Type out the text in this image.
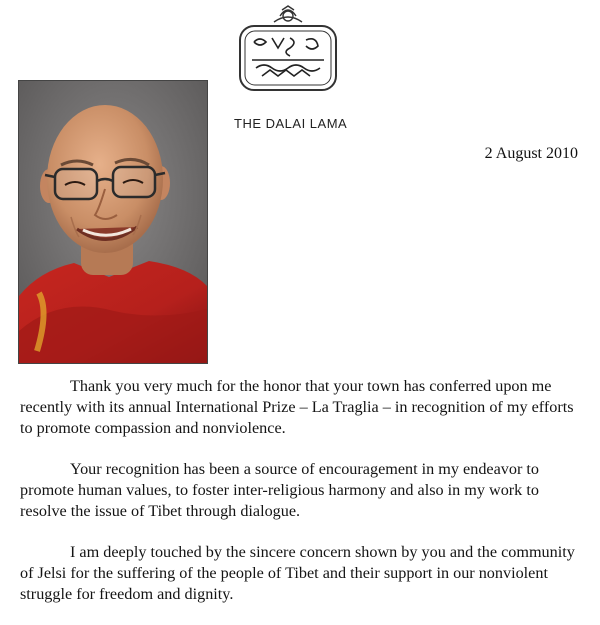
THE DALAI LAMA
2 August 2010

Thank you very much for the honor that your town has conferred upon me recently with its annual International Prize – La Traglia – in recognition of my efforts to promote compassion and nonviolence.

Your recognition has been a source of encouragement in my endeavor to promote human values, to foster inter-religious harmony and also in my work to resolve the issue of Tibet through dialogue.

I am deeply touched by the sincere concern shown by you and the community of Jelsi for the suffering of the people of Tibet and their support in our nonviolent struggle for freedom and dignity.
